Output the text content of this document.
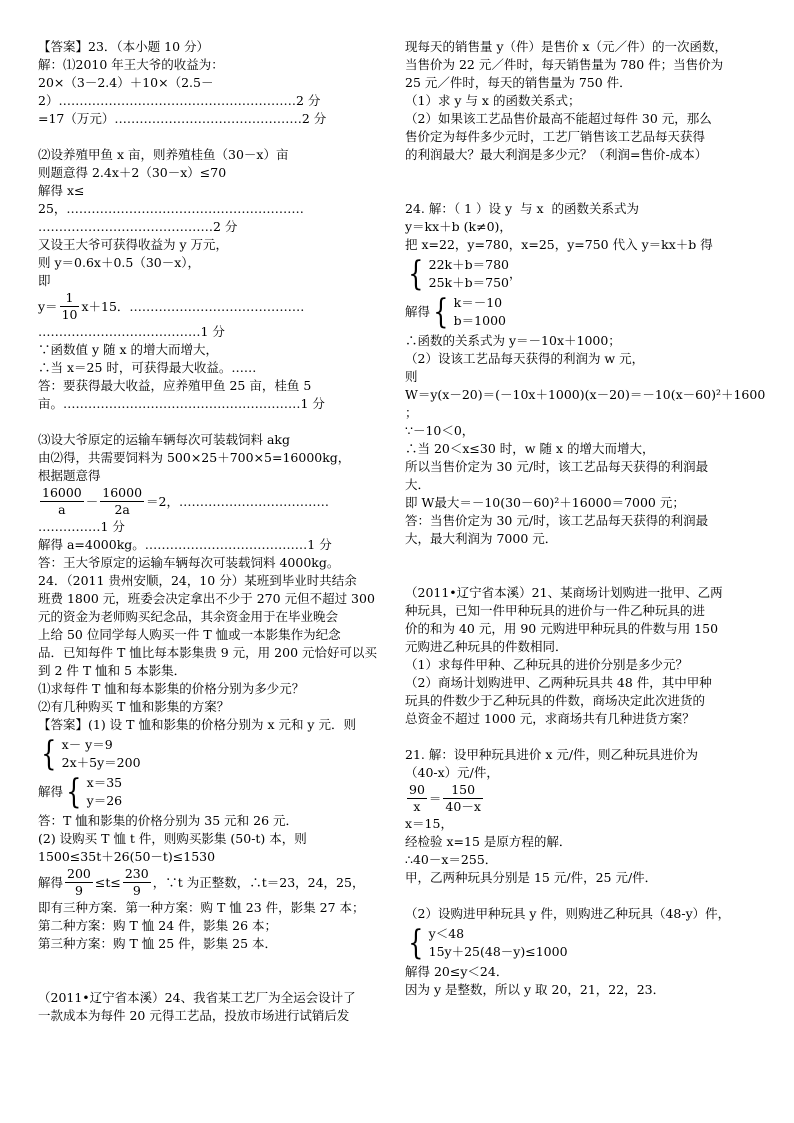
【答案】23．（本小题 10 分）
解：⑴2010 年王大爷的收益为：
20×（3－2.4）＋10×（2.5－
2）…………………………………………………2 分
=17（万元）………………………………………2 分
⑵设养殖甲鱼 x 亩，则养殖桂鱼（30－x）亩
则题意得 2.4x＋2（30－x）≤70
解得 x≤
25，…………………………………………………
……………………………………2 分
又设王大爷可获得收益为 y 万元，
则 y＝0.6x＋0.5（30－x），
即
$y= \frac{1}{10} x+15$．……………………………………
…………………………………1 分
∵函数值 y 随 x 的增大而增大，
∴当 x＝25 时，可获得最大收益。……
答：要获得最大收益，应养殖甲鱼 25 亩，桂鱼 5
亩。…………………………………………………1 分
⑶设大爷原定的运输车辆每次可装载饲料 akg
由⑵得，共需要饲料为 500×25＋700×5=16000kg，
根据题意得
$\frac{16000}{a} - \frac{16000}{2a} =2$，………………………………
……………1 分
解得 a=4000kg。…………………………………1 分
答：王大爷原定的运输车辆每次可装载饲料 4000kg。
24．（2011 贵州安顺，24，10 分）某班到毕业时共结余
班费 1800 元，班委会决定拿出不少于 270 元但不超过 300
元的资金为老师购买纪念品，其余资金用于在毕业晚会
上给 50 位同学每人购买一件 T 恤或一本影集作为纪念
品．已知每件 T 恤比每本影集贵 9 元，用 200 元恰好可以买
到 2 件 T 恤和 5 本影集．
⑴求每件 T 恤和每本影集的价格分别为多少元？
⑵有几种购买 T 恤和影集的方案？
【答案】(1) 设 T 恤和影集的价格分别为 x 元和 y 元．则
{ x－ y＝9
2x＋5y＝200
解得 { x＝35
y＝26
答：T 恤和影集的价格分别为 35 元和 26 元．
(2) 设购买 T 恤 t 件，则购买影集 (50-t) 本，则
1500≤35t＋26(50－t)≤1530
解得 $\frac{200}{9} \le t\le \frac{230}{9}$ ，∵t 为正整数，∴t＝23，24，25，
即有三种方案．第一种方案：购 T 恤 23 件，影集 27 本；
第二种方案：购 T 恤 24 件，影集 26 本；
第三种方案：购 T 恤 25 件，影集 25 本．
（2011•辽宁省本溪）24、我省某工艺厂为全运会设计了
一款成本为每件 20 元得工艺品，投放市场进行试销后发
现每天的销售量 y（件）是售价 x（元／件）的一次函数，
当售价为 22 元／件时，每天销售量为 780 件；当售价为
25 元／件时，每天的销售量为 750 件．
（1）求 y 与 x 的函数关系式；
（2）如果该工艺品售价最高不能超过每件 30 元，那么
售价定为每件多少元时，工艺厂销售该工艺品每天获得
的利润最大？最大利润是多少元？（利润=售价-成本）
24. 解：（ 1 ）设 y  与 x  的函数关系式为
y＝kx＋b (k≠0)，
把 x=22，y=780，x=25，y=750 代入 y＝kx＋b 得
{ 22k＋b＝780
25k＋b＝750
，
解得 { k＝－10
b＝1000
∴函数的关系式为 y＝－10x＋1000；
（2）设该工艺品每天获得的利润为 w 元，
则
W＝y(x－20)＝(－10x＋1000)(x－20)＝－10(x－60)²＋1600
；
∵－10＜0，
∴当 20＜x≤30 时，w 随 x 的增大而增大，
所以当售价定为 30 元/时，该工艺品每天获得的利润最
大．
即 W最大＝－10(30－60)²＋16000＝7000 元；
答：当售价定为 30 元/时，该工艺品每天获得的利润最
大，最大利润为 7000 元．
（2011•辽宁省本溪）21、某商场计划购进一批甲、乙两
种玩具，已知一件甲种玩具的进价与一件乙种玩具的进
价的和为 40 元，用 90 元购进甲种玩具的件数与用 150
元购进乙种玩具的件数相同．
（1）求每件甲种、乙种玩具的进价分别是多少元？
（2）商场计划购进甲、乙两种玩具共 48 件，其中甲种
玩具的件数少于乙种玩具的件数，商场决定此次进货的
总资金不超过 1000 元，求商场共有几种进货方案？
21. 解：设甲种玩具进价 x 元/件，则乙种玩具进价为
（40-x）元/件，
$\frac{90}{x} = \frac{150}{40-x}$
x＝15，
经检验 x=15 是原方程的解．
∴40－x＝255．
甲，乙两种玩具分别是 15 元/件，25 元/件．
（2）设购进甲种玩具 y 件，则购进乙种玩具（48-y）件，
{ y＜48
15y＋25(48－y)≤1000
解得 20≤y＜24．
因为 y 是整数，所以 y 取 20，21，22，23．
